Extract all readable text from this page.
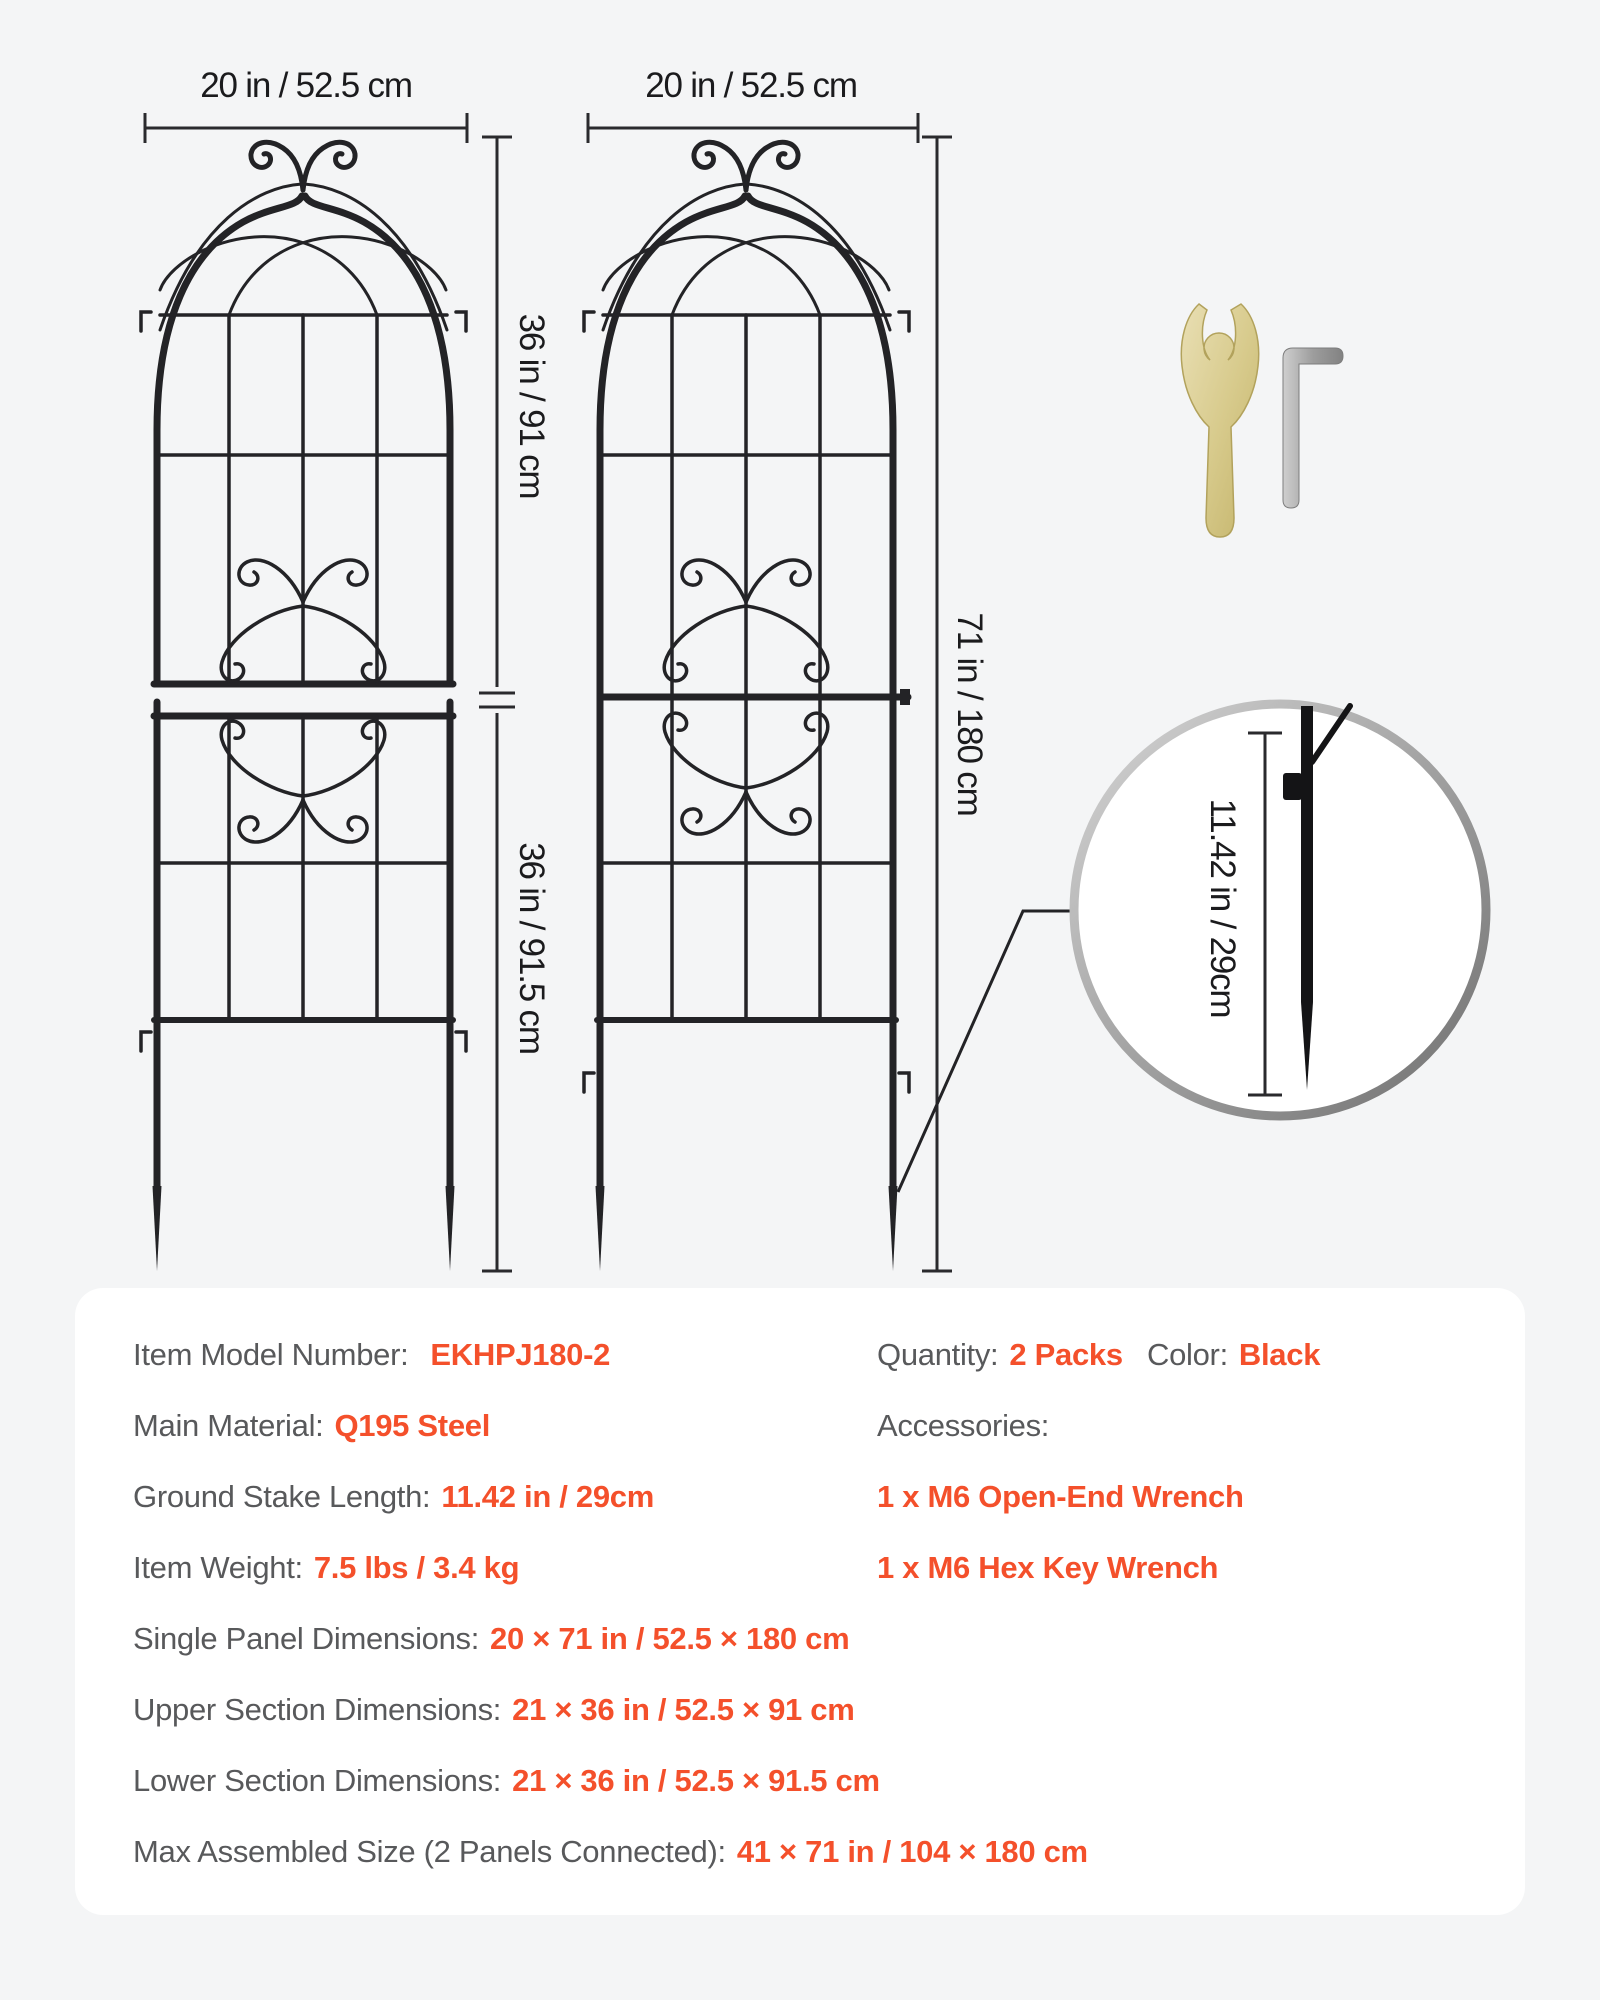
20 in / 52.5 cm	20 in / 52.5 cm
36 in / 91 cm
36 in / 91.5 cm
71 in / 180 cm
11.42 in / 29cm
Item Model Number: EKHPJ180-2	Quantity: 2 Packs Color: Black
Main Material: Q195 Steel	Accessories:
Ground Stake Length: 11.42 in / 29cm	1 x M6 Open-End Wrench
Item Weight: 7.5 lbs / 3.4 kg	1 x M6 Hex Key Wrench
Single Panel Dimensions: 20 × 71 in / 52.5 × 180 cm
Upper Section Dimensions: 21 × 36 in / 52.5 × 91 cm
Lower Section Dimensions: 21 × 36 in / 52.5 × 91.5 cm
Max Assembled Size (2 Panels Connected): 41 × 71 in / 104 × 180 cm
